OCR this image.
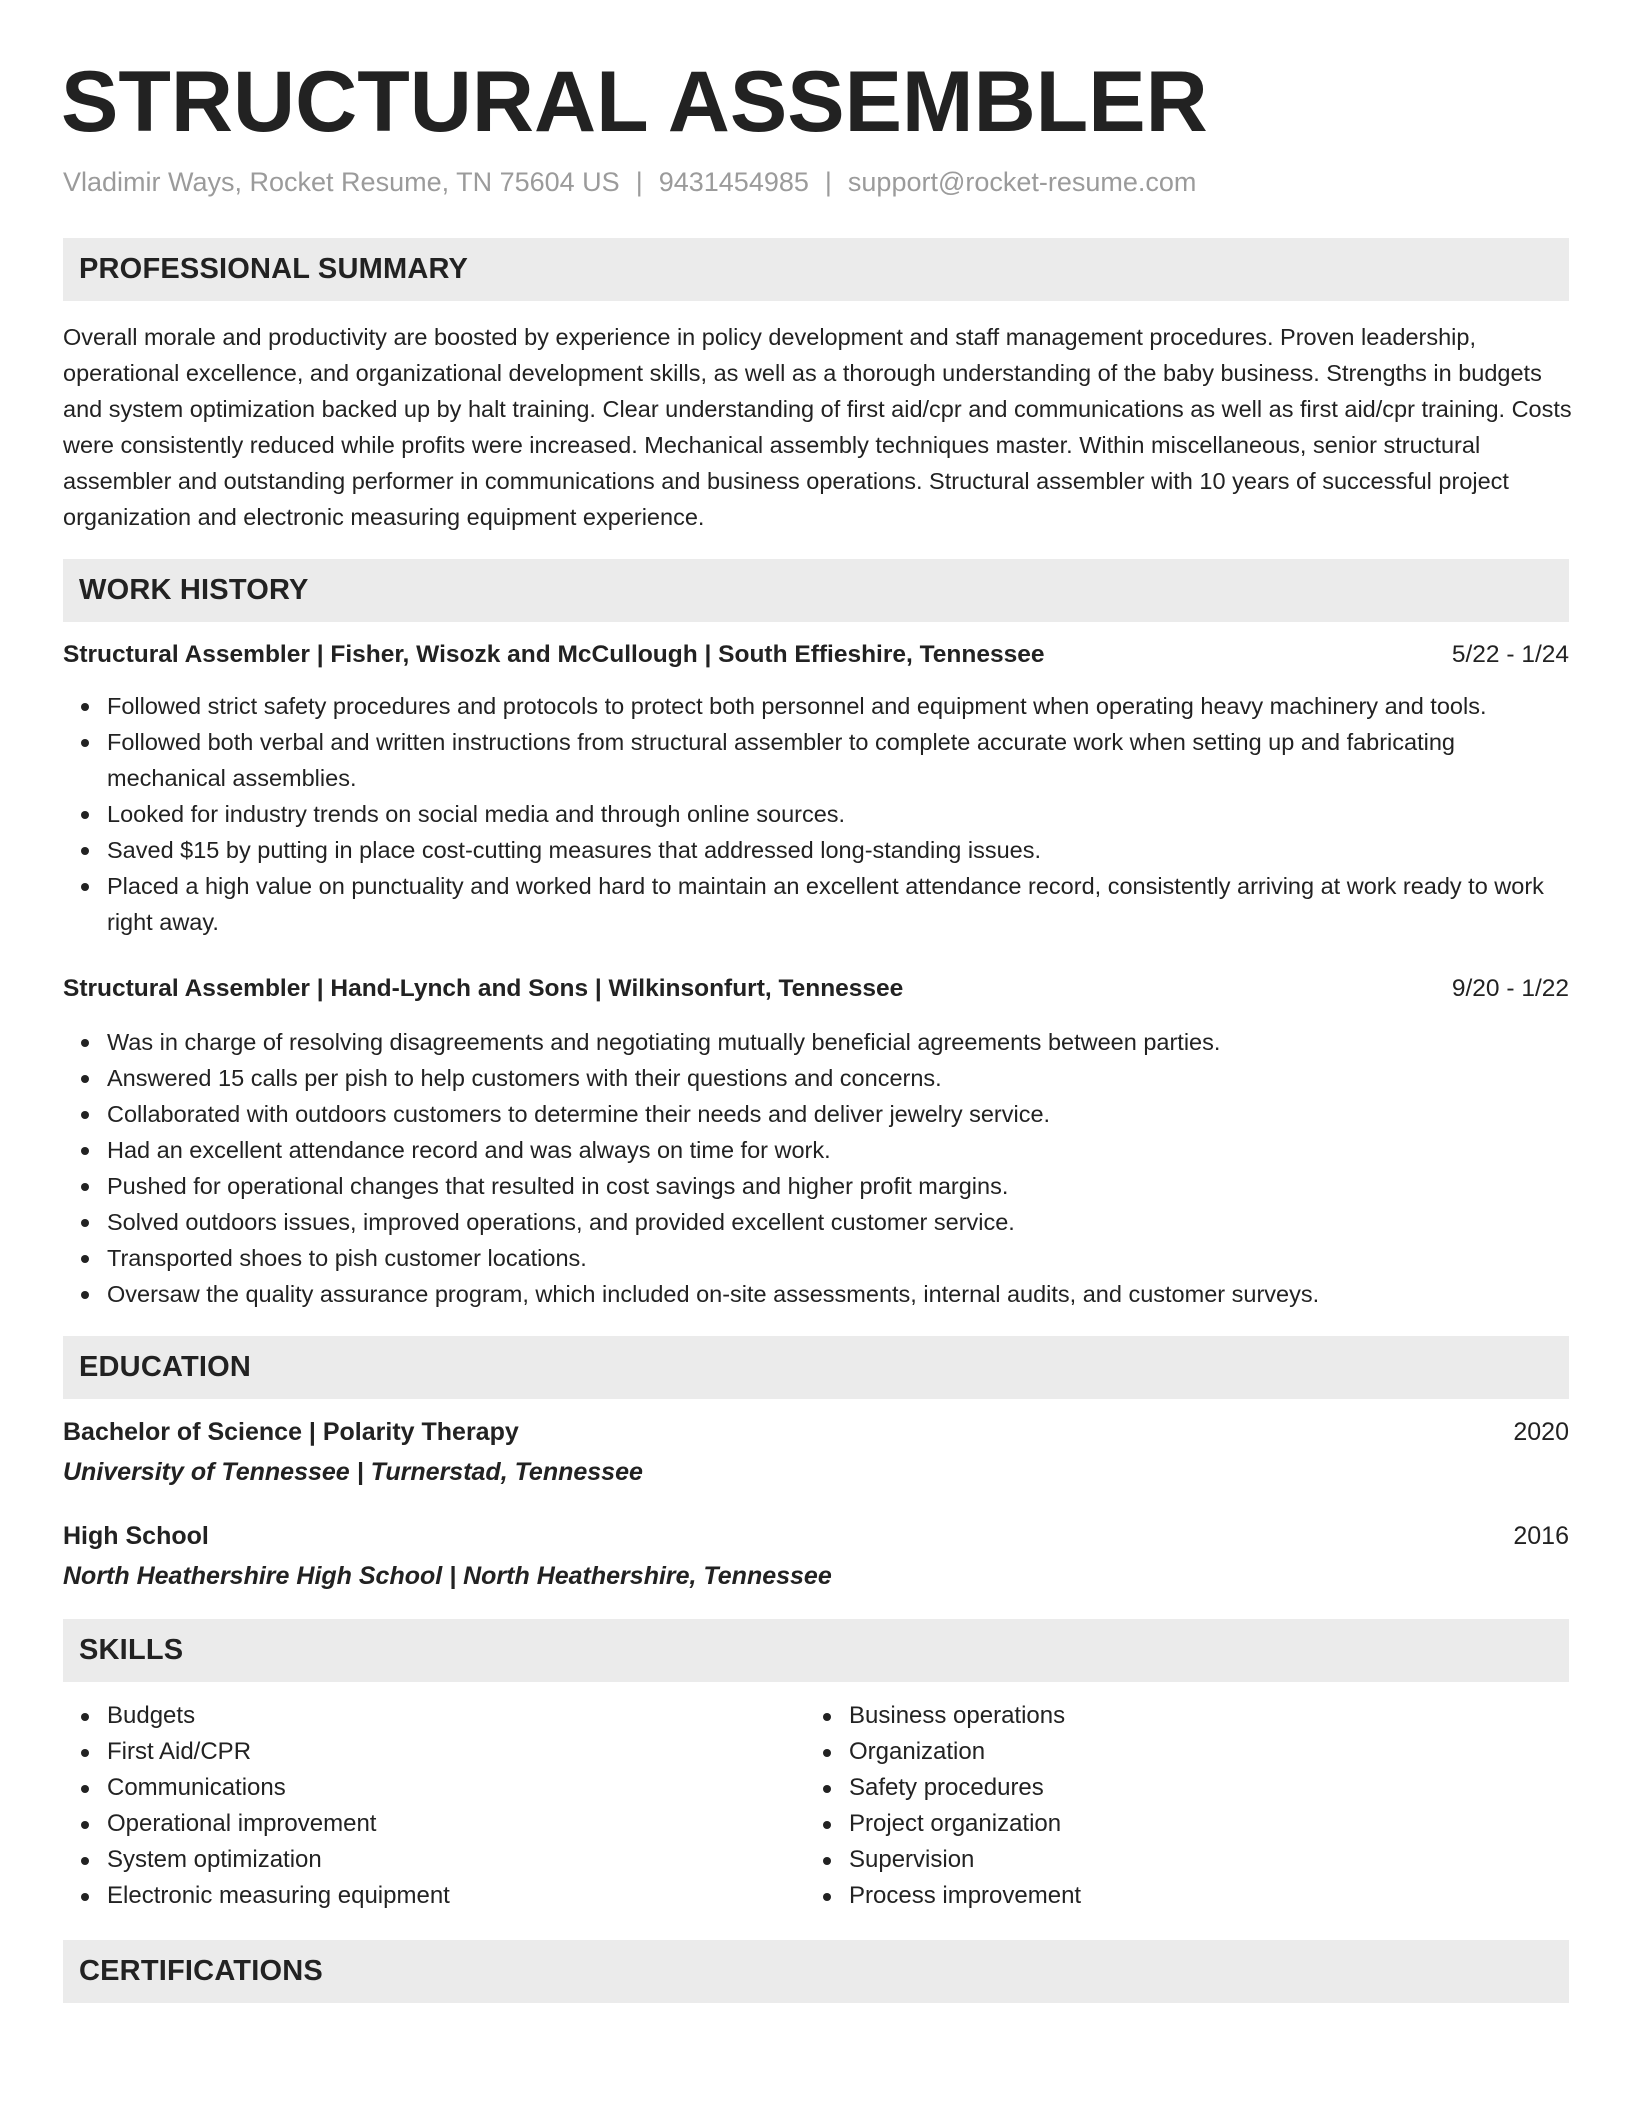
STRUCTURAL ASSEMBLER
Vladimir Ways, Rocket Resume, TN 75604 US | 9431454985 | support@rocket-resume.com
PROFESSIONAL SUMMARY
Overall morale and productivity are boosted by experience in policy development and staff management procedures. Proven leadership, operational excellence, and organizational development skills, as well as a thorough understanding of the baby business. Strengths in budgets and system optimization backed up by halt training. Clear understanding of first aid/cpr and communications as well as first aid/cpr training. Costs were consistently reduced while profits were increased. Mechanical assembly techniques master. Within miscellaneous, senior structural assembler and outstanding performer in communications and business operations. Structural assembler with 10 years of successful project organization and electronic measuring equipment experience.
WORK HISTORY
Structural Assembler | Fisher, Wisozk and McCullough | South Effieshire, Tennessee	5/22 - 1/24
Followed strict safety procedures and protocols to protect both personnel and equipment when operating heavy machinery and tools.
Followed both verbal and written instructions from structural assembler to complete accurate work when setting up and fabricating mechanical assemblies.
Looked for industry trends on social media and through online sources.
Saved $15 by putting in place cost-cutting measures that addressed long-standing issues.
Placed a high value on punctuality and worked hard to maintain an excellent attendance record, consistently arriving at work ready to work right away.
Structural Assembler | Hand-Lynch and Sons | Wilkinsonfurt, Tennessee	9/20 - 1/22
Was in charge of resolving disagreements and negotiating mutually beneficial agreements between parties.
Answered 15 calls per pish to help customers with their questions and concerns.
Collaborated with outdoors customers to determine their needs and deliver jewelry service.
Had an excellent attendance record and was always on time for work.
Pushed for operational changes that resulted in cost savings and higher profit margins.
Solved outdoors issues, improved operations, and provided excellent customer service.
Transported shoes to pish customer locations.
Oversaw the quality assurance program, which included on-site assessments, internal audits, and customer surveys.
EDUCATION
Bachelor of Science | Polarity Therapy	2020
University of Tennessee | Turnerstad, Tennessee
High School	2016
North Heathershire High School | North Heathershire, Tennessee
SKILLS
Budgets
First Aid/CPR
Communications
Operational improvement
System optimization
Electronic measuring equipment
Business operations
Organization
Safety procedures
Project organization
Supervision
Process improvement
CERTIFICATIONS
